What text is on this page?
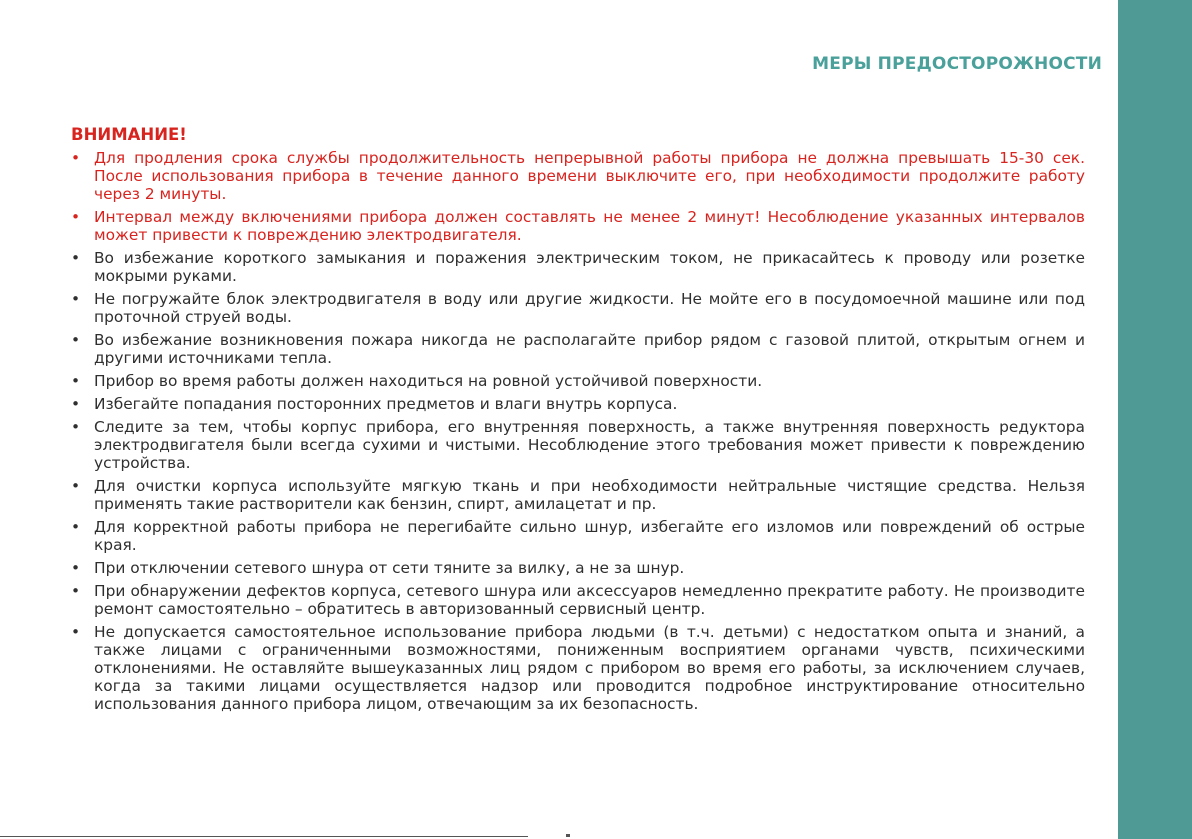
МЕРЫ ПРЕДОСТОРОЖНОСТИ
ВНИМАНИЕ!
• Для продления срока службы продолжительность непрерывной работы прибора не должна превышать 15-30 сек. После использования прибора в течение данного времени выключите его, при необходимости продолжите работу через 2 минуты.
• Интервал между включениями прибора должен составлять не менее 2 минут! Несоблюдение указанных интервалов может привести к повреждению электродвигателя.
• Во избежание короткого замыкания и поражения электрическим током, не прикасайтесь к проводу или розетке мокрыми руками.
• Не погружайте блок электродвигателя в воду или другие жидкости. Не мойте его в посудомоечной машине или под проточной струей воды.
• Во избежание возникновения пожара никогда не располагайте прибор рядом с газовой плитой, открытым огнем и другими источниками тепла.
• Прибор во время работы должен находиться на ровной устойчивой поверхности.
• Избегайте попадания посторонних предметов и влаги внутрь корпуса.
• Следите за тем, чтобы корпус прибора, его внутренняя поверхность, а также внутренняя поверхность редуктора электродвигателя были всегда сухими и чистыми. Несоблюдение этого требования может привести к повреждению устройства.
• Для очистки корпуса используйте мягкую ткань и при необходимости нейтральные чистящие средства. Нельзя применять такие растворители как бензин, спирт, амилацетат и пр.
• Для корректной работы прибора не перегибайте сильно шнур, избегайте его изломов или повреждений об острые края.
• При отключении сетевого шнура от сети тяните за вилку, а не за шнур.
• При обнаружении дефектов корпуса, сетевого шнура или аксессуаров немедленно прекратите работу. Не производите ремонт самостоятельно – обратитесь в авторизованный сервисный центр.
• Не допускается самостоятельное использование прибора людьми (в т.ч. детьми) с недостатком опыта и знаний, а также лицами с ограниченными возможностями, пониженным восприятием органами чувств, психическими отклонениями. Не оставляйте вышеуказанных лиц рядом с прибором во время его работы, за исключением случаев, когда за такими лицами осуществляется надзор или проводится подробное инструктирование относительно использования данного прибора лицом, отвечающим за их безопасность.
